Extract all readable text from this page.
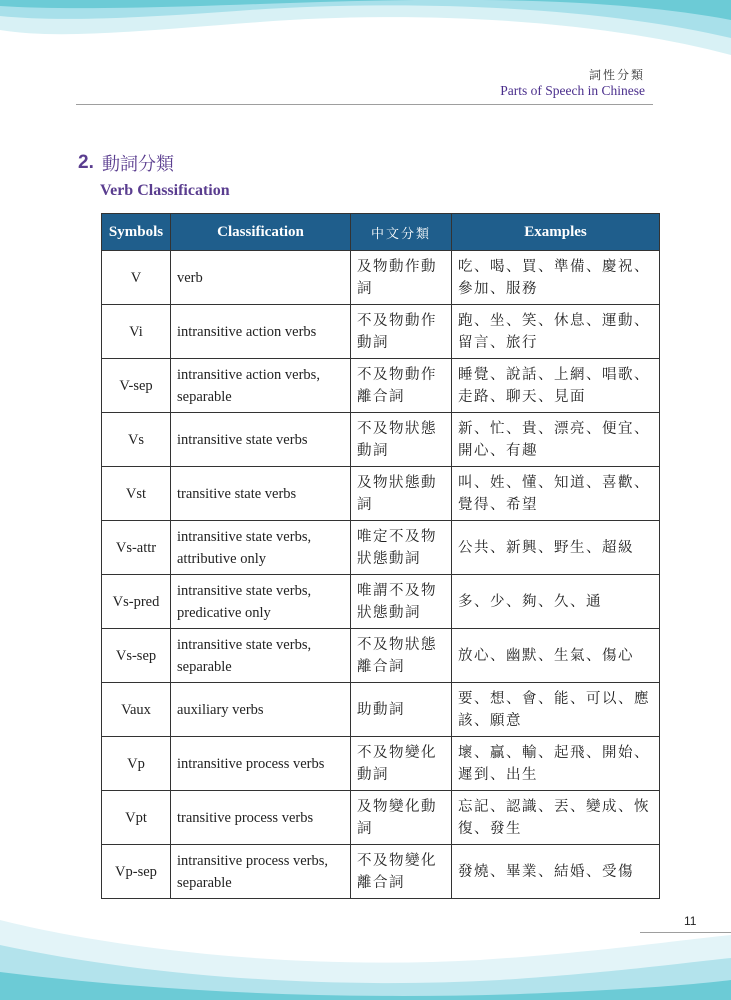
詞性分類
Parts of Speech in Chinese
2. 動詞分類
Verb Classification
Symbols	Classification	中文分類	Examples
V	verb	及物動作動詞	吃、喝、買、準備、慶祝、參加、服務
Vi	intransitive action verbs	不及物動作動詞	跑、坐、笑、休息、運動、留言、旅行
V-sep	intransitive action verbs, separable	不及物動作離合詞	睡覺、說話、上網、唱歌、走路、聊天、見面
Vs	intransitive state verbs	不及物狀態動詞	新、忙、貴、漂亮、便宜、開心、有趣
Vst	transitive state verbs	及物狀態動詞	叫、姓、懂、知道、喜歡、覺得、希望
Vs-attr	intransitive state verbs, attributive only	唯定不及物狀態動詞	公共、新興、野生、超級
Vs-pred	intransitive state verbs, predicative only	唯謂不及物狀態動詞	多、少、夠、久、通
Vs-sep	intransitive state verbs, separable	不及物狀態離合詞	放心、幽默、生氣、傷心
Vaux	auxiliary verbs	助動詞	要、想、會、能、可以、應該、願意
Vp	intransitive process verbs	不及物變化動詞	壞、贏、輸、起飛、開始、遲到、出生
Vpt	transitive process verbs	及物變化動詞	忘記、認識、丟、變成、恢復、發生
Vp-sep	intransitive process verbs, separable	不及物變化離合詞	發燒、畢業、結婚、受傷
11
